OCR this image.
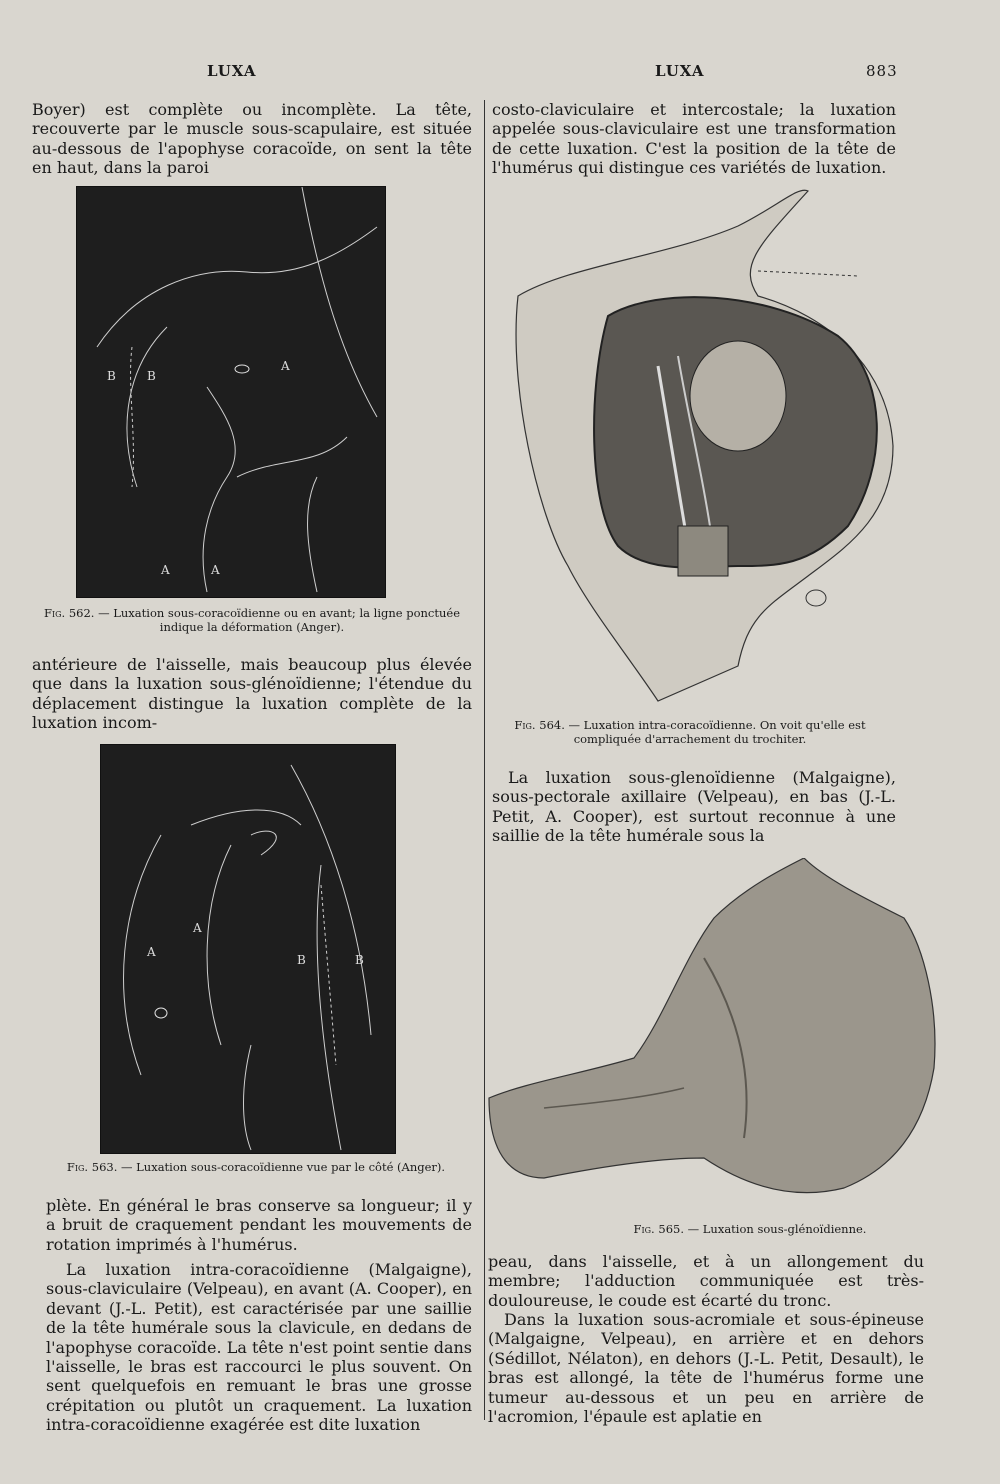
LUXA	LUXA	883

Boyer) est complète ou incomplète. La tête, recouverte par le muscle sous-scapulaire, est située au-dessous de l'apophyse coracoïde, on sent la tête en haut, dans la paroi

B	B
A
A	A
Fig. 562. — Luxation sous-coracoïdienne ou en avant; la ligne ponctuée indique la déformation (Anger).

antérieure de l'aisselle, mais beaucoup plus élevée que dans la luxation sous-glénoïdienne; l'étendue du déplacement distingue la luxation complète de la luxation incom-

A
A
B	B
Fig. 563. — Luxation sous-coracoïdienne vue par le côté (Anger).

plète. En général le bras conserve sa longueur; il y a bruit de craquement pendant les mouvements de rotation imprimés à l'humérus.

La luxation intra-coracoïdienne (Malgaigne), sous-claviculaire (Velpeau), en avant (A. Cooper), en devant (J.-L. Petit), est caractérisée par une saillie de la tête humérale sous la clavicule, en dedans de l'apophyse coracoïde. La tête n'est point sentie dans l'aisselle, le bras est raccourci le plus souvent. On sent quelquefois en remuant le bras une grosse crépitation ou plutôt un craquement. La luxation intra-coracoïdienne exagérée est dite luxation

costo-claviculaire et intercostale; la luxation appelée sous-claviculaire est une transformation de cette luxation. C'est la position de la tête de l'humérus qui distingue ces variétés de luxation.

Fig. 564. — Luxation intra-coracoïdienne. On voit qu'elle est compliquée d'arrachement du trochiter.

La luxation sous-glenoïdienne (Malgaigne), sous-pectorale axillaire (Velpeau), en bas (J.-L. Petit, A. Cooper), est surtout reconnue à une saillie de la tête humérale sous la

Fig. 565. — Luxation sous-glénoïdienne.

peau, dans l'aisselle, et à un allongement du membre; l'adduction communiquée est très-douloureuse, le coude est écarté du tronc.

Dans la luxation sous-acromiale et sous-épineuse (Malgaigne, Velpeau), en arrière et en dehors (Sédillot, Nélaton), en dehors (J.-L. Petit, Desault), le bras est allongé, la tête de l'humérus forme une tumeur au-dessous et un peu en arrière de l'acromion, l'épaule est aplatie en
